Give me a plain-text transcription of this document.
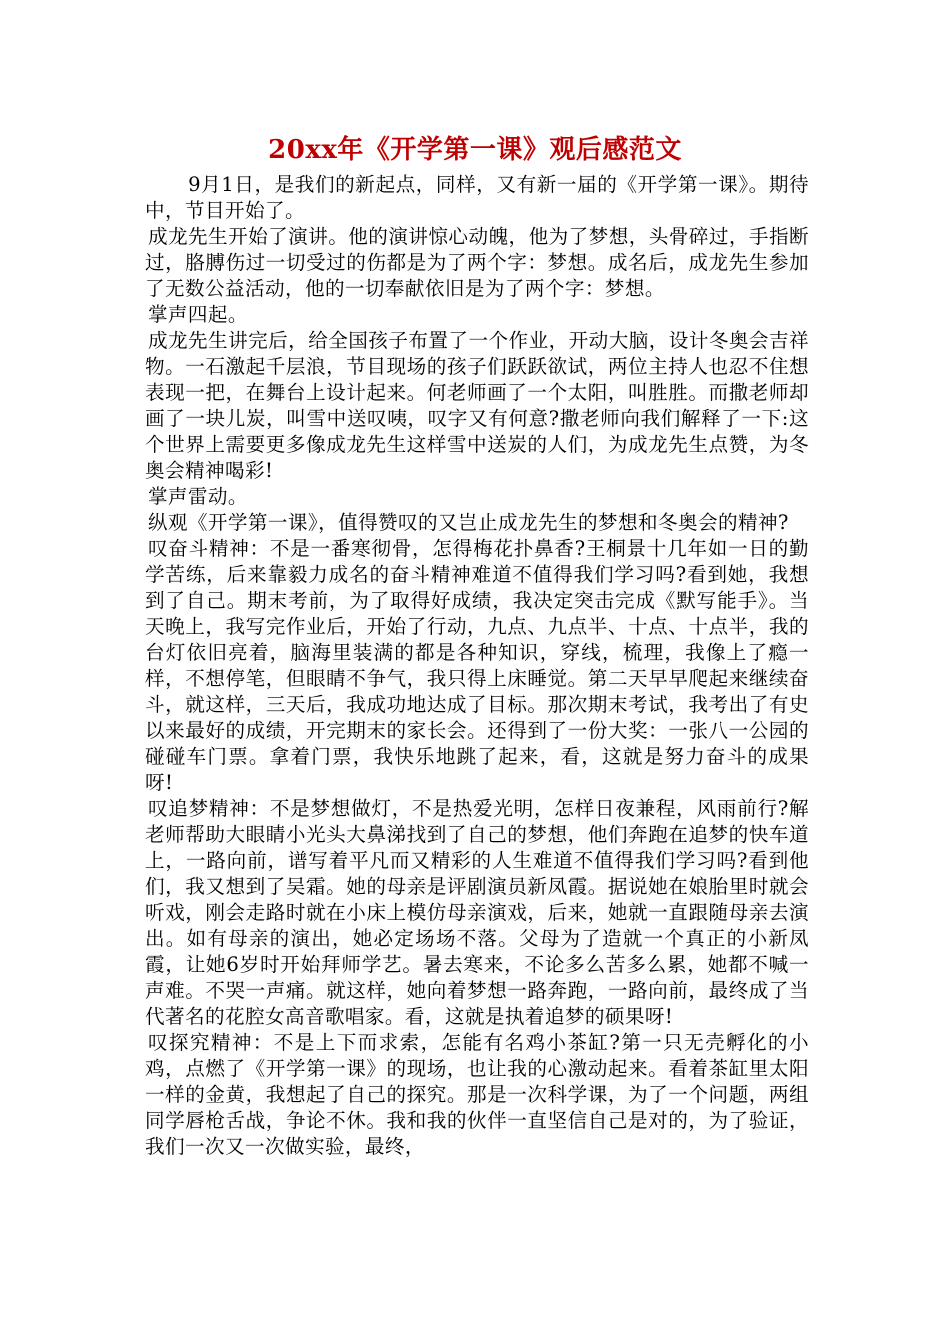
20xx年《开学第一课》观后感范文

9月1日，是我们的新起点，同样，又有新一届的《开学第一课》。期待中，节目开始了。

成龙先生开始了演讲。他的演讲惊心动魄，他为了梦想，头骨碎过，手指断过，胳膊伤过一切受过的伤都是为了两个字：梦想。成名后，成龙先生参加了无数公益活动，他的一切奉献依旧是为了两个字：梦想。

掌声四起。

成龙先生讲完后，给全国孩子布置了一个作业，开动大脑，设计冬奥会吉祥物。一石激起千层浪，节目现场的孩子们跃跃欲试，两位主持人也忍不住想表现一把，在舞台上设计起来。何老师画了一个太阳，叫胜胜。而撒老师却画了一块儿炭，叫雪中送叹咦，叹字又有何意?撒老师向我们解释了一下:这个世界上需要更多像成龙先生这样雪中送炭的人们，为成龙先生点赞，为冬奥会精神喝彩!

掌声雷动。

纵观《开学第一课》，值得赞叹的又岂止成龙先生的梦想和冬奥会的精神?

叹奋斗精神：不是一番寒彻骨，怎得梅花扑鼻香?王桐景十几年如一日的勤学苦练，后来靠毅力成名的奋斗精神难道不值得我们学习吗?看到她，我想到了自己。期末考前，为了取得好成绩，我决定突击完成《默写能手》。当天晚上，我写完作业后，开始了行动，九点、九点半、十点、十点半，我的台灯依旧亮着，脑海里装满的都是各种知识，穿线，梳理，我像上了瘾一样，不想停笔，但眼睛不争气，我只得上床睡觉。第二天早早爬起来继续奋斗，就这样，三天后，我成功地达成了目标。那次期末考试，我考出了有史以来最好的成绩，开完期末的家长会。还得到了一份大奖：一张八一公园的碰碰车门票。拿着门票，我快乐地跳了起来，看，这就是努力奋斗的成果呀!

叹追梦精神：不是梦想做灯，不是热爱光明，怎样日夜兼程，风雨前行?解老师帮助大眼睛小光头大鼻涕找到了自己的梦想，他们奔跑在追梦的快车道上，一路向前，谱写着平凡而又精彩的人生难道不值得我们学习吗?看到他们，我又想到了吴霜。她的母亲是评剧演员新凤霞。据说她在娘胎里时就会听戏，刚会走路时就在小床上模仿母亲演戏，后来，她就一直跟随母亲去演出。如有母亲的演出，她必定场场不落。父母为了造就一个真正的小新凤霞，让她6岁时开始拜师学艺。暑去寒来，不论多么苦多么累，她都不喊一声难。不哭一声痛。就这样，她向着梦想一路奔跑，一路向前，最终成了当代著名的花腔女高音歌唱家。看，这就是执着追梦的硕果呀!

叹探究精神：不是上下而求索，怎能有名鸡小茶缸?第一只无壳孵化的小鸡，点燃了《开学第一课》的现场，也让我的心激动起来。看着茶缸里太阳一样的金黄，我想起了自己的探究。那是一次科学课，为了一个问题，两组同学唇枪舌战，争论不休。我和我的伙伴一直坚信自己是对的，为了验证，我们一次又一次做实验，最终，
